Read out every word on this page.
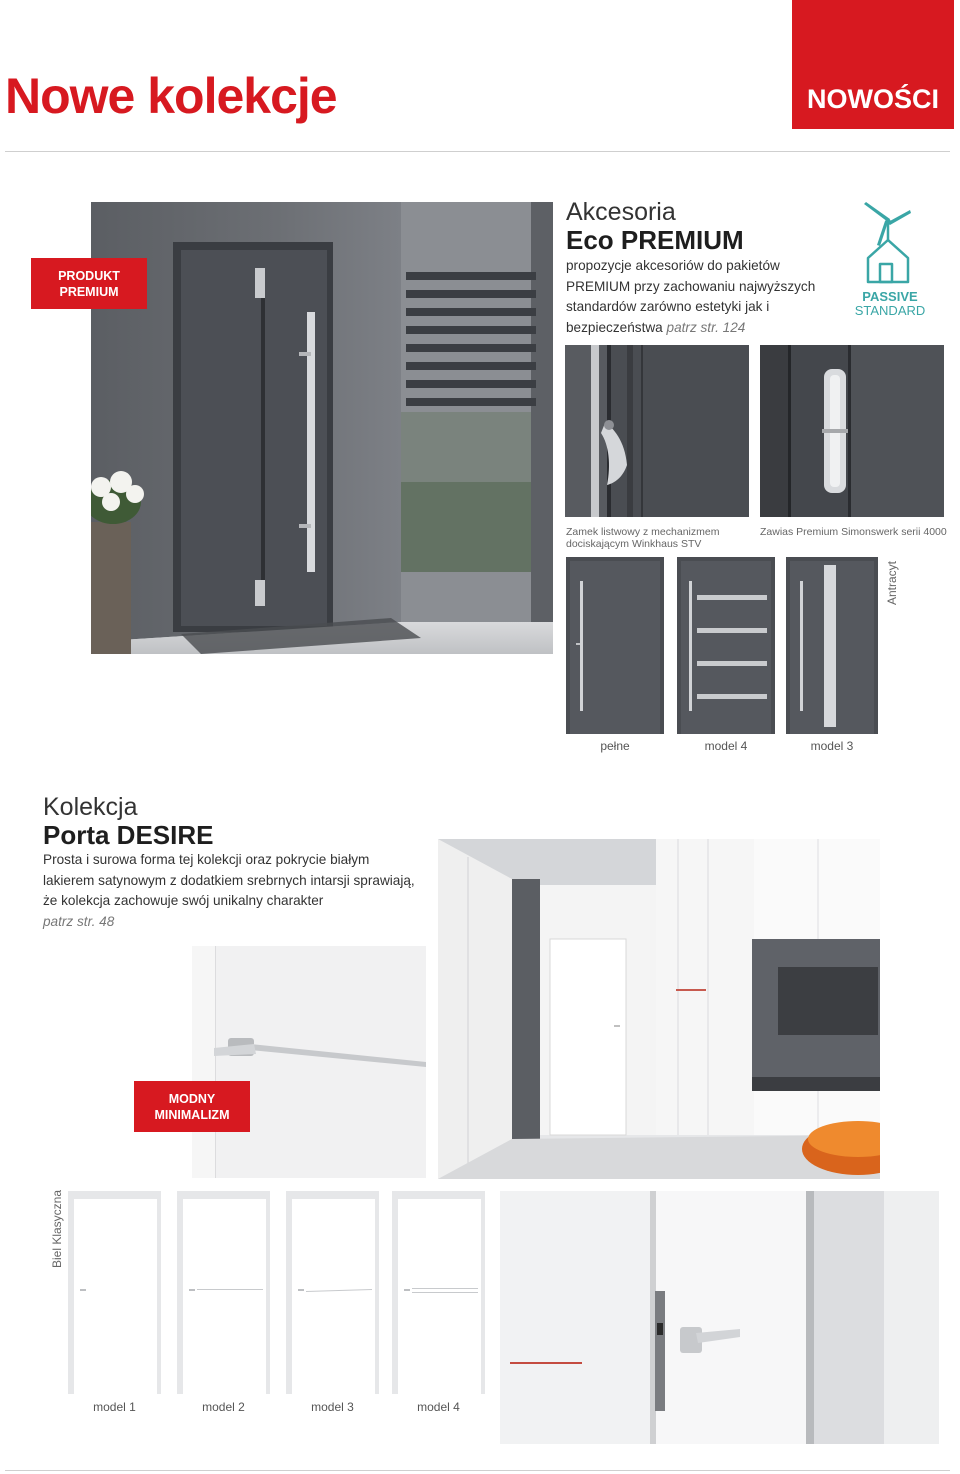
Nowe kolekcje	NOWOŚCI
PRODUKT
PREMIUM
Akcesoria
Eco PREMIUM
propozycje akcesoriów do pakietów PREMIUM przy zachowaniu najwyższych standardów zarówno estetyki jak i bezpieczeństwa patrz str. 124
PASSIVE
STANDARD
Zamek listwowy z mechanizmem dociskającym Winkhaus STV
Zawias Premium Simonswerk serii 4000
Antracyt
pełne	model 4	model 3
Kolekcja
Porta DESIRE
Prosta i surowa forma tej kolekcji oraz pokrycie białym lakierem satynowym z dodatkiem srebrnych intarsji sprawiają, że kolekcja zachowuje swój unikalny charakter
patrz str. 48
MODNY
MINIMALIZM
Biel Klasyczna
model 1	model 2	model 3	model 4
